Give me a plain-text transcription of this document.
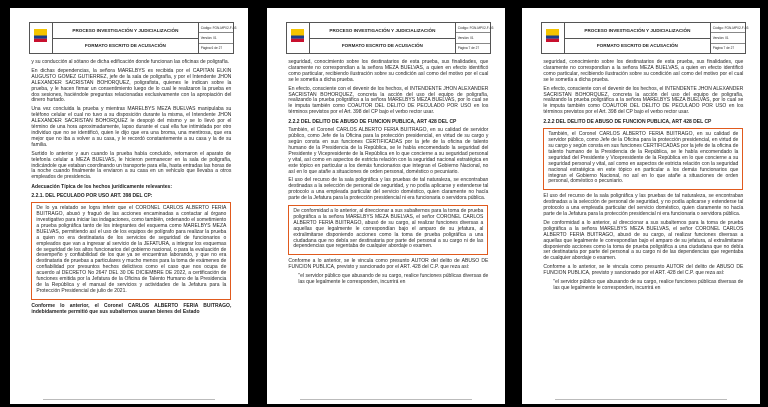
PROCESO INVESTIGACIÓN Y JUDICIALIZACIÓN
FORMATO ESCRITO DE ACUSACIÓN
Código: FGN-MP02-F-03
Versión: 01
Página 6 de 27

y su conducción al sótano de dicha edificación donde funcionan las oficinas de poligrafía.

En dichas dependencias, la señora MARELBYS es recibida por el CAPITAN ELKIN AUGUSTO GOMEZ GUTIERREZ, jefe de la sala de poligrafía, y por el Intendente JHON ALEXANDER SACRISTAN BOHORQUEZ, poligrafista, quienes le indican sobre la prueba, y le hacen firmar un consentimiento luego de lo cual le realizaron la prueba en dos sesiones, haciéndole preguntas relacionadas exclusivamente con la apropiación del dinero hurtado.

Una vez concluida la prueba y mientras MARELBYS MEZA BUELVAS manipulaba su teléfono celular el cual no tuvo a su disposición durante la misma, el Intendente JHON ALEXANDER SACRISTAN BOHORQUEZ le despojó del mismo y se lo llevó por el término de una hora aproximadamente, lapso durante el cual ella fue intimidada por otro individuo que no se identificó, quien le dijo que era una broma, una mentirosa, que era mejor que no iba a volver a su casa, y le recordó constantemente a su casa y la de su familia.

Surtido lo anterior y aun cuando la prueba había concluido, retornaron el aparato de telefonía celular a MEZA BUELVAS, le hicieron permanecer en la sala de poligrafía, indicándole que estaban coordinando un transporte para ella, hasta entradas las horas de la noche cuando finalmente la enviaron a su casa en un vehículo que llevaba a otros empleados de presidencia.

Adecuación Típica de los hechos jurídicamente relevantes:
2.2.1. DEL PECULADO POR USO ART. 398 DEL CP:

De lo ya relatado se logra inferir que el CORONEL CARLOS ALBERTO FERIA BUITRAGO, abusó y fraguó de las acciones encaminadas a contactar al órgano investigativo para iniciar las indagaciones, como también, ordenando el sometimiento a prueba poligráfica tanto de los integrantes del esquema como MARELBYS MEZA BUELVAS, permitiendo así el uso de los equipos de polígrafo para realizar la prueba a quien no era destinataria de los servicios de seguridad de funcionarios o empleados que van a ingresar al servicio de la JEFATURA, a integrar los esquemas de seguridad de los altos funcionarios del gobierno nacional, o para la evaluación de desempeño y confiabilidad de los que ya se encuentran laborando, y que no era destinataria de pruebas a particulares y mucho menos para la toma de exámenes de confiabilidad por presuntos hechos delictivos como el caso que nos ocupa de acuerdo al DECRETO No 2647 DEL 30 DE DICIEMBRE DE 2022, a certificación de funciones emitida por la Jefatura de la Oficina de Talento Humano de la Presidencia de la República y el manual de servicios y actividades de la Jefatura para la Protección Presidencial de julio de 2021.

Conforme lo anterior, el Coronel CARLOS ALBERTO FERIA BUITRAGO, indebidamente permitió que sus subalternos usaran bienes del Estado

PROCESO INVESTIGACIÓN Y JUDICIALIZACIÓN
FORMATO ESCRITO DE ACUSACIÓN
Código: FGN-MP02-F-03
Versión: 01
Página 7 de 27

seguridad, conocimiento sobre los destinatarios de esta prueba, sus finalidades, que claramente no correspondían a la señora MEZA BUELVAS, a quien en efecto identificó como particular, recibiendo ilustración sobre su condición así como del motivo por el cual se le sometía a dicha prueba.

En efecto, consciente con el devenir de los hechos, el INTENDENTE JHON ALEXANDER SACRISTAN BOHORQUEZ, concreta la acción del uso del equipo de poligrafía, realizando la prueba poligráfica a la señora MARELBYS MEZA BUELVAS, por lo cual se le imputa también como COAUTOR DEL DELITO DE PECULADO POR USO en los términos previstos por el Art. 398 del CP bajo el verbo rector usar.

2.2.2 DEL DELITO DE ABUSO DE FUNCION PUBLICA, ART 428 DEL CP

También, el Coronel CARLOS ALBERTO FERIA BUITRAGO, en su calidad de servidor público, como Jefe de la Oficina para la protección presidencial, en virtud de su cargo y según consta en sus funciones CERTIFICADAS por la jefe de la oficina de talento humano de la Presidencia de la República, se le había encomendado la seguridad del Presidente y Vicepresidente de la República en lo que concierne a su seguridad personal y vital, así como en aspectos de estricta relación con la seguridad nacional estratégica en este tópico en particular a los demás funcionarios que integran el Gobierno Nacional, no así en lo que atañe a situaciones de orden personal, doméstico o pecuniario.

El uso del recurso de la sala poligráfica y las pruebas de tal naturaleza, se encontraban destinadas a la selección de personal de seguridad, y no podía aplicarse y extenderse tal protocolo a una empleada particular del servicio doméstico, quien claramente no hacía parte de la Jefatura para la protección presidencial ni era funcionaria o servidora pública.

De conformidad a lo anterior, al direccionar a sus subalternos para la toma de prueba poligráfica a la señora MARELBYS MEZA BUELVAS, el señor CORONEL CARLOS ALBERTO FERIA BUITRAGO, abusó de su cargo, al realizar funciones diversas a aquellas que legalmente le correspondían bajo el amparo de su jefatura, al extralimitarse disponiendo acciones como la toma de prueba poligráfica a una ciudadana que no debía ser destinataria por parte del personal a su cargo ni de las dependencias que regentaba de cualquier abordaje o examen.

Conforme a lo anterior, se le vincula como presunto AUTOR del delito de ABUSO DE FUNCION PUBLICA, previsto y sancionado por el ART. 428 del C.P. que reza así:

"el servidor público que abusando de su cargo, realice funciones públicas diversas de las que legalmente le corresponden, incurrirá en

PROCESO INVESTIGACIÓN Y JUDICIALIZACIÓN
FORMATO ESCRITO DE ACUSACIÓN
Código: FGN-MP02-F-03
Versión: 01
Página 7 de 27

seguridad, conocimiento sobre los destinatarios de esta prueba, sus finalidades, que claramente no correspondían a la señora MEZA BUELVAS, a quien en efecto identificó como particular, recibiendo ilustración sobre su condición así como del motivo por el cual se le sometía a dicha prueba.

En efecto, consciente con el devenir de los hechos, el INTENDENTE JHON ALEXANDER SACRISTAN BOHORQUEZ, concreta la acción del uso del equipo de poligrafía, realizando la prueba poligráfica a la señora MARELBYS MEZA BUELVAS, por lo cual se le imputa también como COAUTOR DEL DELITO DE PECULADO POR USO en los términos previstos por el Art. 398 del CP bajo el verbo rector usar.

2.2.2 DEL DELITO DE ABUSO DE FUNCION PUBLICA, ART 428 DEL CP

También, el Coronel CARLOS ALBERTO FERIA BUITRAGO, en su calidad de servidor público, como Jefe de la Oficina para la protección presidencial, en virtud de su cargo y según consta en sus funciones CERTIFICADAS por la jefe de la oficina de talento humano de la Presidencia de la República, se le había encomendado la seguridad del Presidente y Vicepresidente de la República en lo que concierne a su seguridad personal y vital, así como en aspectos de estricta relación con la seguridad nacional estratégica en este tópico en particular a los demás funcionarios que integran el Gobierno Nacional, no así en lo que atañe a situaciones de orden personal, doméstico o pecuniario.

El uso del recurso de la sala poligráfica y las pruebas de tal naturaleza, se encontraban destinadas a la selección de personal de seguridad, y no podía aplicarse y extenderse tal protocolo a una empleada particular del servicio doméstico, quien claramente no hacía parte de la Jefatura para la protección presidencial ni era funcionaria o servidora pública.

De conformidad a lo anterior, al direccionar a sus subalternos para la toma de prueba poligráfica a la señora MARELBYS MEZA BUELVAS, el señor CORONEL CARLOS ALBERTO FERIA BUITRAGO, abusó de su cargo, al realizar funciones diversas a aquellas que legalmente le correspondían bajo el amparo de su jefatura, al extralimitarse disponiendo acciones como la toma de prueba poligráfica a una ciudadana que no debía ser destinataria por parte del personal a su cargo ni de las dependencias que regentaba de cualquier abordaje o examen.

Conforme a lo anterior, se le vincula como presunto AUTOR del delito de ABUSO DE FUNCION PUBLICA, previsto y sancionado por el ART. 428 del C.P. que reza así:

"el servidor público que abusando de su cargo, realice funciones públicas diversas de las que legalmente le corresponden, incurrirá en
